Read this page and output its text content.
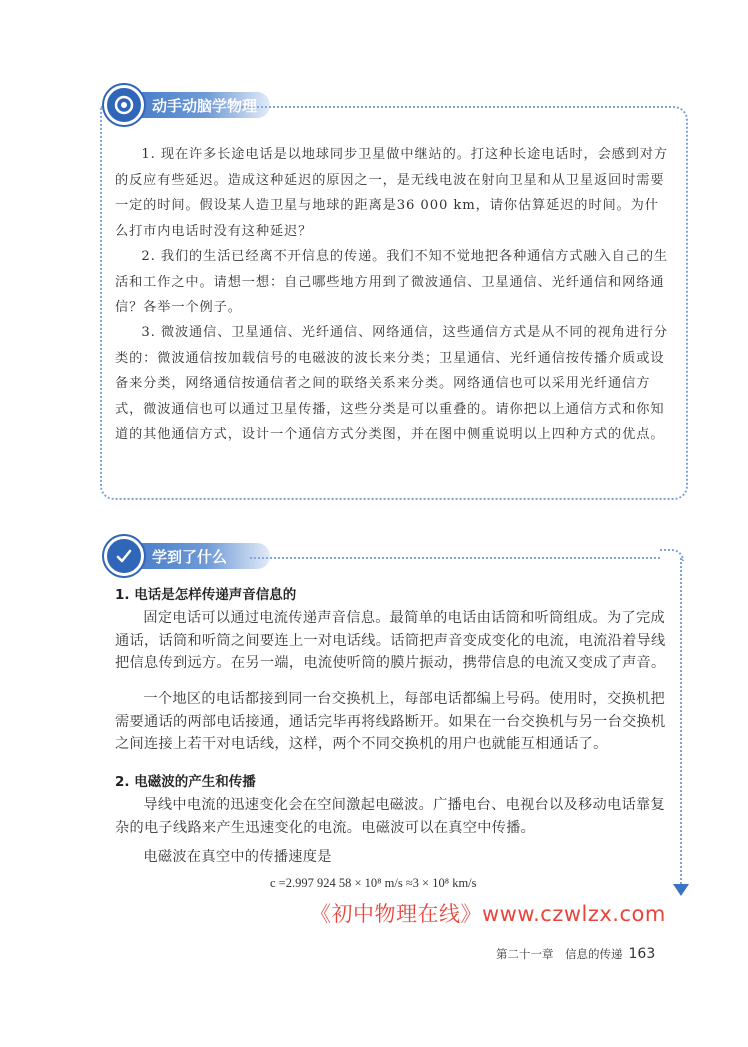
动手动脑学物理

1. 现在许多长途电话是以地球同步卫星做中继站的。打这种长途电话时，会感到对方的反应有些延迟。造成这种延迟的原因之一，是无线电波在射向卫星和从卫星返回时需要一定的时间。假设某人造卫星与地球的距离是36 000 km，请你估算延迟的时间。为什么打市内电话时没有这种延迟？

2. 我们的生活已经离不开信息的传递。我们不知不觉地把各种通信方式融入自己的生活和工作之中。请想一想：自己哪些地方用到了微波通信、卫星通信、光纤通信和网络通信？各举一个例子。

3. 微波通信、卫星通信、光纤通信、网络通信，这些通信方式是从不同的视角进行分类的：微波通信按加载信号的电磁波的波长来分类；卫星通信、光纤通信按传播介质或设备来分类，网络通信按通信者之间的联络关系来分类。网络通信也可以采用光纤通信方式，微波通信也可以通过卫星传播，这些分类是可以重叠的。请你把以上通信方式和你知道的其他通信方式，设计一个通信方式分类图，并在图中侧重说明以上四种方式的优点。

学到了什么
1. 电话是怎样传递声音信息的

固定电话可以通过电流传递声音信息。最简单的电话由话筒和听筒组成。为了完成通话，话筒和听筒之间要连上一对电话线。话筒把声音变成变化的电流，电流沿着导线把信息传到远方。在另一端，电流使听筒的膜片振动，携带信息的电流又变成了声音。

一个地区的电话都接到同一台交换机上，每部电话都编上号码。使用时，交换机把需要通话的两部电话接通，通话完毕再将线路断开。如果在一台交换机与另一台交换机之间连接上若干对电话线，这样，两个不同交换机的用户也就能互相通话了。

2. 电磁波的产生和传播

导线中电流的迅速变化会在空间激起电磁波。广播电台、电视台以及移动电话靠复杂的电子线路来产生迅速变化的电流。电磁波可以在真空中传播。

电磁波在真空中的传播速度是

c =2.997 924 58 × 10⁸ m/s ≈3 × 10⁸ km/s
《初中物理在线》www.czwlzx.com
第二十一章　信息的传递 163
